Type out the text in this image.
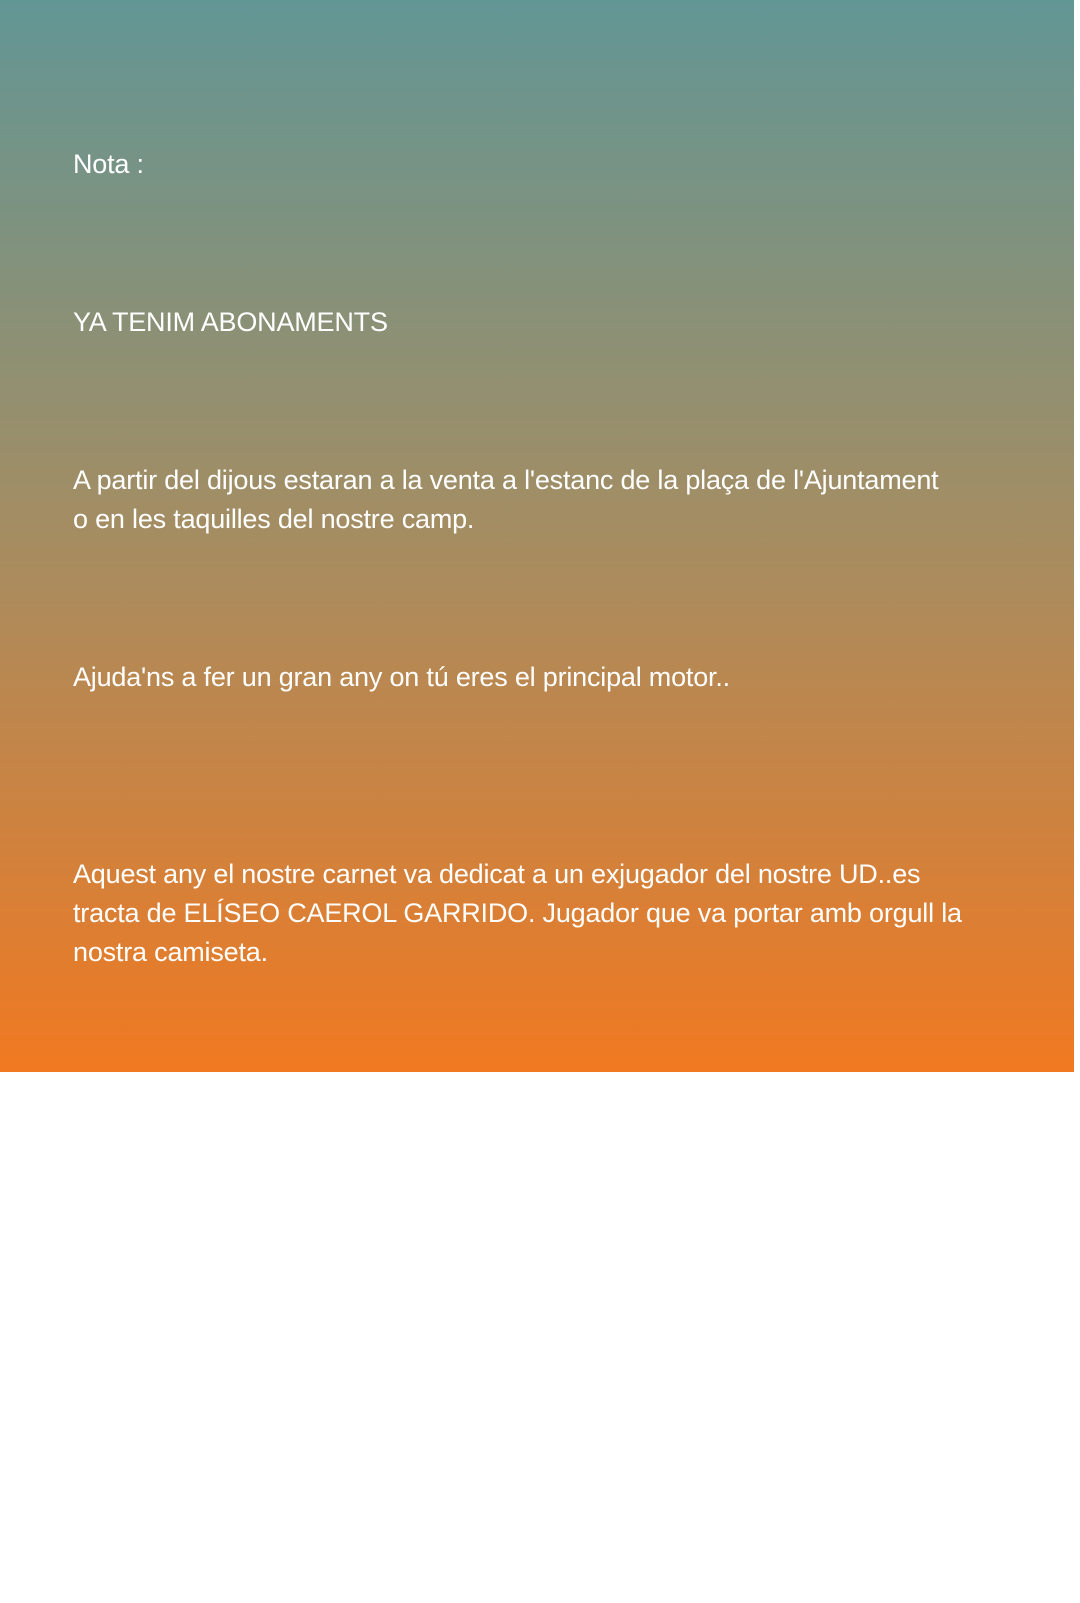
Nota :

YA TENIM ABONAMENTS

A partir del dijous estaran a la venta a l'estanc de la plaça de l'Ajuntament
o en les taquilles del nostre camp.

Ajuda'ns a fer un gran any on tú eres el principal motor..

Aquest any el nostre carnet va dedicat a un exjugador del nostre UD..es
tracta de ELÍSEO CAEROL GARRIDO. Jugador que va portar amb orgull la
nostra camiseta.

Sempre ha estat relacionat amb el nostre equip, colaborant i ajudant en
tot el que significaba el blanc i negre .

Gran soci i seguidor, per això aquest any va per tú ,on lluitarem per estar
on ens toca.

Amunt UD ,Amunt AFICIÓ!
